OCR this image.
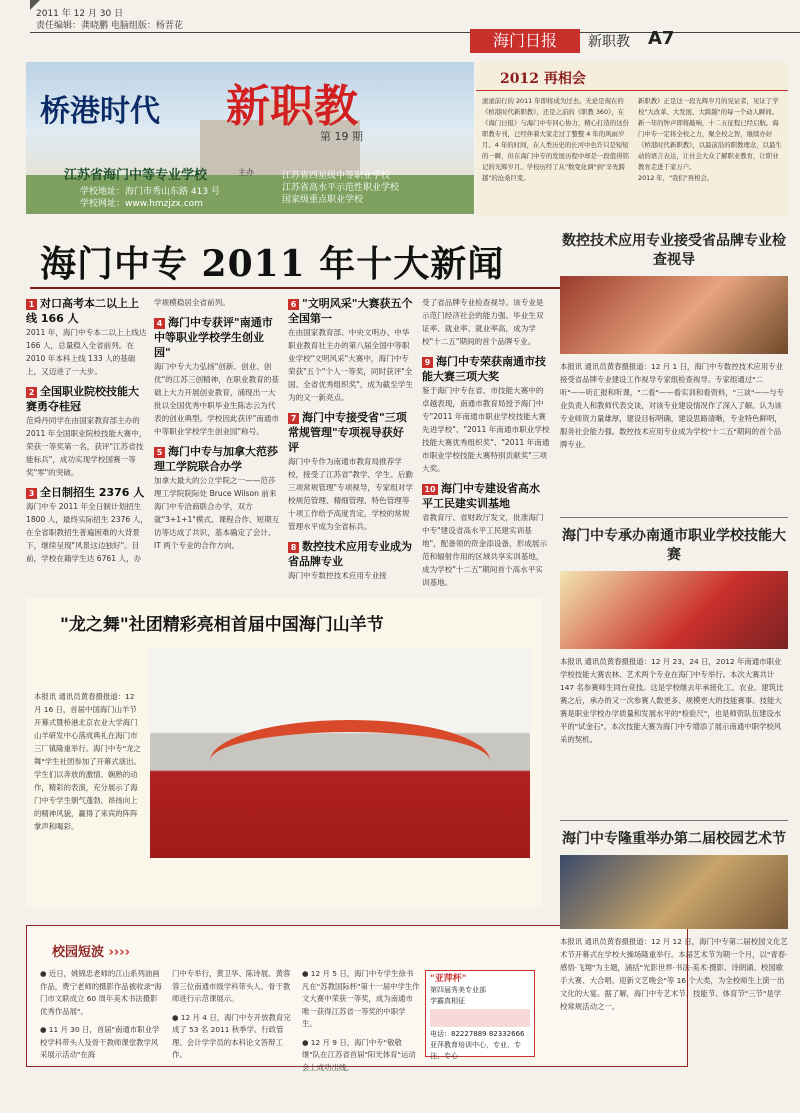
2011 年 12 月 30 日
责任编辑：龚晓鹏 电脑组版：杨晋花
海门日报	新职教 A7
桥港时代 新职教
第 19 期
江苏省海门中等专业学校	主办
学校地址：海门市秀山东路 413 号
学校网址：www.hmzjzx.com
江苏省四星级中等职业学校
江苏省高水平示范性职业学校
国家级重点职业学校
2012 再相会
滚滚前行的 2011 年即将成为过去。无论是现在的《桥港时代新职教》，还是之前的《职教 360》，在《海门日报》与海门中专同心协力，精心打造的这份职教专刊，已经伴着大家走过了整整 4 年的风雨岁月。4 年的时间，在人类历史的长河中也许只是短短的一瞬，但在海门中专的发展历程中却是一段值得铭记的光辉岁月。学校历经了从"数变化调"到"辛先跨越"的沧桑巨变。
新职教》正是这一段光辉岁月的见证者，见证了学校"大改革、大发展、大跨越"的每一个动人瞬间。新一年的钟声即将敲响，十二五征程已经启航。海门中专一定将全校之力，聚全校之智，继续办好《桥港时代新职教》，以最前沿的职教理念，以最生动的语言表达，让社会大众了解职业教育，让职业教育走进千家万户。
2012 年，"我们"再相会。
海门中专 2011 年十大新闻
1 对口高考本二以上上线 166 人
2011 年，海门中专本二以上上线达 166 人，总量稳入全省前列。在 2010 年本科上线 133 人的基础上，又迈进了一大步。
2 全国职业院校技能大赛勇夺桂冠
范舜丹同学在由国家教育部主办的 2011 年全国职业院校技能大赛中，荣获一等奖第一名，获评"江苏省技能标兵"，成功实现学校国赛一等奖"零"的突破。
3 全日制招生 2376 人
海门中专 2011 年全日制计划招生 1800 人，最终实际招生 2376 人，在全省职教招生普遍困难的大背景下，继续呈现"风景这边独好"。目前，学校在籍学生达 6761 人，办
学规模稳居全省前列。
4 海门中专获评"南通市中等职业学校学生创业园"
海门中专大力弘扬"创新、创业、创优"的江苏三创精神，在职业教育的基础上大力开展创业教育，涌现出一大批以全国优秀中职毕业生陈志云为代表的创业典型。学校因此获评"南通市中等职业学校学生创业园"称号。
5 海门中专与加拿大范莎理工学院联合办学
加拿大最大的公立学院之一——范莎理工学院院际处 Bruce Wilson 前来海门中专洽商联合办学，双方就"3+1+1"模式、课程合作、短期互访等达成了共识，基本确定了会计、IT 两个专业的合作方向。
6 "文明风采"大赛获五个全国第一
在由国家教育部、中央文明办、中华职业教育社主办的第八届全国中等职业学校"文明风采"大赛中，海门中专荣获"五个"个人一等奖，同时获评"全国、全省优秀组织奖"，成为截至学生为的又一新亮点。
7 海门中专接受省"三项常规管理"专项视导获好评
海门中专作为南通市教育局推荐学校，接受了江苏省"教学、学生、后勤三项常规管理"专项视导，专家组对学校规范管理、精细管理、特色管理等十项工作给予高度肯定，学校的常规管理水平成为全省标兵。
8 数控技术应用专业成为省品牌专业
海门中专数控技术应用专业接
受了省品牌专业检查视导。该专业是示范门经济社会的能力强、毕业生双证率、就业率、就业率高，成为学校"十二五"期间的首个品牌专业。
9 海门中专荣获南通市技能大赛三项大奖
鉴于海门中专在省、市技能大赛中的卓越表现，南通市教育局授予海门中专"2011 年南通市职业学校技能大赛先进学校"、"2011 年南通市职业学校技能大赛优秀组织奖"、"2011 年南通市职业学校技能大赛特别贡献奖"三项大奖。
10 海门中专建设省高水平工民建实训基地
省教育厅、省财政厅发文，批准海门中专"建设省高水平工民建实训基地"，配备领的资金添设备，形成展示范和辐射作用的区域共享实训基地，成为学校"十二五"期间首个高水平实训基地。
"龙之舞"社团精彩亮相首届中国海门山羊节
本报讯 通讯员黄春摄报道：12 月 16 日，首届中国海门山羊节开幕式暨桥港北京农业大学海门山羊研发中心落成典礼在海门市三厂镇隆重举行。海门中专"龙之舞"学生社团参加了开幕式演出。学生们以奔放的激情、娴熟的动作，精彩的表演，充分展示了海门中专学生朝气蓬勃、昂扬向上的精神风貌，赢得了来宾的阵阵掌声和喝彩。
校园短波 ››››
● 近日，姚锦忠老师的江山系列油画作品，费宁老师的摄影作品被收录"海门市文联成立 60 周年美术书法摄影优秀作品展"。
● 11 月 30 日，首届"南通市职业学校学科带头人及骨干教师课堂教学风采展示活动"在海
门中专举行，黄卫华、陈诗展、黄蓉蓉三位南通市级学科带头人、骨干教师进行示范课展示。
● 12 月 4 日，海门中专开放教育完成了 53 名 2011 秋季学、行政管理、会计学学员的本科论文答辩工作。
● 12 月 5 日，海门中专学生徐书凡在"苏教国际杯"第十一届中学生作文大赛中荣获一等奖，成为南通市唯一获得江苏省一等奖的中职学生。
● 12 月 9 日，海门中专"敬敬继"队在江苏省首届"阳光体育"运动会上成功出线。
"亚萍杯"
第四届秀美专业部
学霸真相征
电话：82227889 82332666
亚萍教育培训中心，专业、专注、专心
数控技术应用专业接受省品牌专业检查视导
本报讯 通讯员黄春摄报道：12 月 1 日，海门中专数控技术应用专业接受省品牌专业建设工作视导专家组检查视导。专家组通过"二听"——听汇报和听课，"二看"——看实训和看资料，"三谈"——与专业负责人和教师代表交谈，对该专业建设情况作了深入了解。认为该专业师资力量雄厚，建设目标明确，建设思路清晰，专业特色鲜明，服务社会能力强。数控技术应用专业成为学校"十二五"期间的首个品牌专业。
海门中专承办南通市职业学校技能大赛
本报讯 通讯员黄春摄报道：12 月 23、24 日，2012 年南通市职业学校技能大赛农林、艺术两个专业在海门中专举行。本次大赛共计 147 名参赛师生同台竞技。这是学校继去年承接化工、农业、建筑比赛之后，承办的又一次参赛人数更多、规模更大的技能赛事。技能大赛是职业学校办学质量和发展水平的"检验尺"，也是师资队伍建设水平的"试金石"。本次技能大赛为海门中专增添了展示南通中职学校风采的契机。
海门中专隆重举办第二届校园艺术节
本报讯 通讯员黄春摄报道：12 月 12 日，海门中专第二届校园文化艺术节开幕式在学校大操场隆重举行。本届艺术节为期一个月，以"青春·感悟·飞翔"为主题，涵括"光影世界·书法·美术·摄影、诗朗诵、校园歌手大赛、大合唱、迎新文艺晚会"等 16 个大类，为全校师生上演一出文化的大宴。据了解，海门中专艺术节、技能节、体育节"三节"是学校常规活动之一。
